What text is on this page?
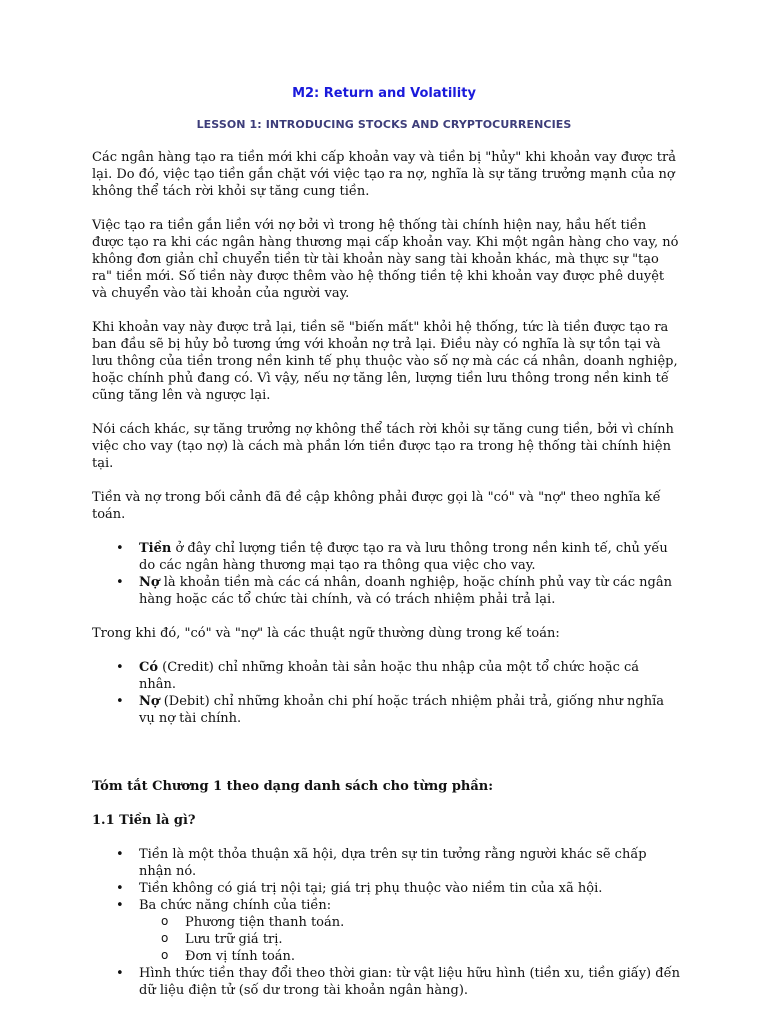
M2: Return and Volatility
LESSON 1: INTRODUCING STOCKS AND CRYPTOCURRENCIES

Các ngân hàng tạo ra tiền mới khi cấp khoản vay và tiền bị "hủy" khi khoản vay được trả lại. Do đó, việc tạo tiền gắn chặt với việc tạo ra nợ, nghĩa là sự tăng trưởng mạnh của nợ không thể tách rời khỏi sự tăng cung tiền.

Việc tạo ra tiền gắn liền với nợ bởi vì trong hệ thống tài chính hiện nay, hầu hết tiền được tạo ra khi các ngân hàng thương mại cấp khoản vay. Khi một ngân hàng cho vay, nó không đơn giản chỉ chuyển tiền từ tài khoản này sang tài khoản khác, mà thực sự "tạo ra" tiền mới. Số tiền này được thêm vào hệ thống tiền tệ khi khoản vay được phê duyệt và chuyển vào tài khoản của người vay.

Khi khoản vay này được trả lại, tiền sẽ "biến mất" khỏi hệ thống, tức là tiền được tạo ra ban đầu sẽ bị hủy bỏ tương ứng với khoản nợ trả lại. Điều này có nghĩa là sự tồn tại và lưu thông của tiền trong nền kinh tế phụ thuộc vào số nợ mà các cá nhân, doanh nghiệp, hoặc chính phủ đang có. Vì vậy, nếu nợ tăng lên, lượng tiền lưu thông trong nền kinh tế cũng tăng lên và ngược lại.

Nói cách khác, sự tăng trưởng nợ không thể tách rời khỏi sự tăng cung tiền, bởi vì chính việc cho vay (tạo nợ) là cách mà phần lớn tiền được tạo ra trong hệ thống tài chính hiện tại.

Tiền và nợ trong bối cảnh đã đề cập không phải được gọi là "có" và "nợ" theo nghĩa kế toán.

• Tiền ở đây chỉ lượng tiền tệ được tạo ra và lưu thông trong nền kinh tế, chủ yếu do các ngân hàng thương mại tạo ra thông qua việc cho vay.
• Nợ là khoản tiền mà các cá nhân, doanh nghiệp, hoặc chính phủ vay từ các ngân hàng hoặc các tổ chức tài chính, và có trách nhiệm phải trả lại.

Trong khi đó, "có" và "nợ" là các thuật ngữ thường dùng trong kế toán:

• Có (Credit) chỉ những khoản tài sản hoặc thu nhập của một tổ chức hoặc cá nhân.
• Nợ (Debit) chỉ những khoản chi phí hoặc trách nhiệm phải trả, giống như nghĩa vụ nợ tài chính.

Tóm tắt Chương 1 theo dạng danh sách cho từng phần:

1.1 Tiền là gì?

• Tiền là một thỏa thuận xã hội, dựa trên sự tin tưởng rằng người khác sẽ chấp nhận nó.
• Tiền không có giá trị nội tại; giá trị phụ thuộc vào niềm tin của xã hội.
• Ba chức năng chính của tiền:
o Phương tiện thanh toán.
o Lưu trữ giá trị.
o Đơn vị tính toán.
• Hình thức tiền thay đổi theo thời gian: từ vật liệu hữu hình (tiền xu, tiền giấy) đến dữ liệu điện tử (số dư trong tài khoản ngân hàng).
